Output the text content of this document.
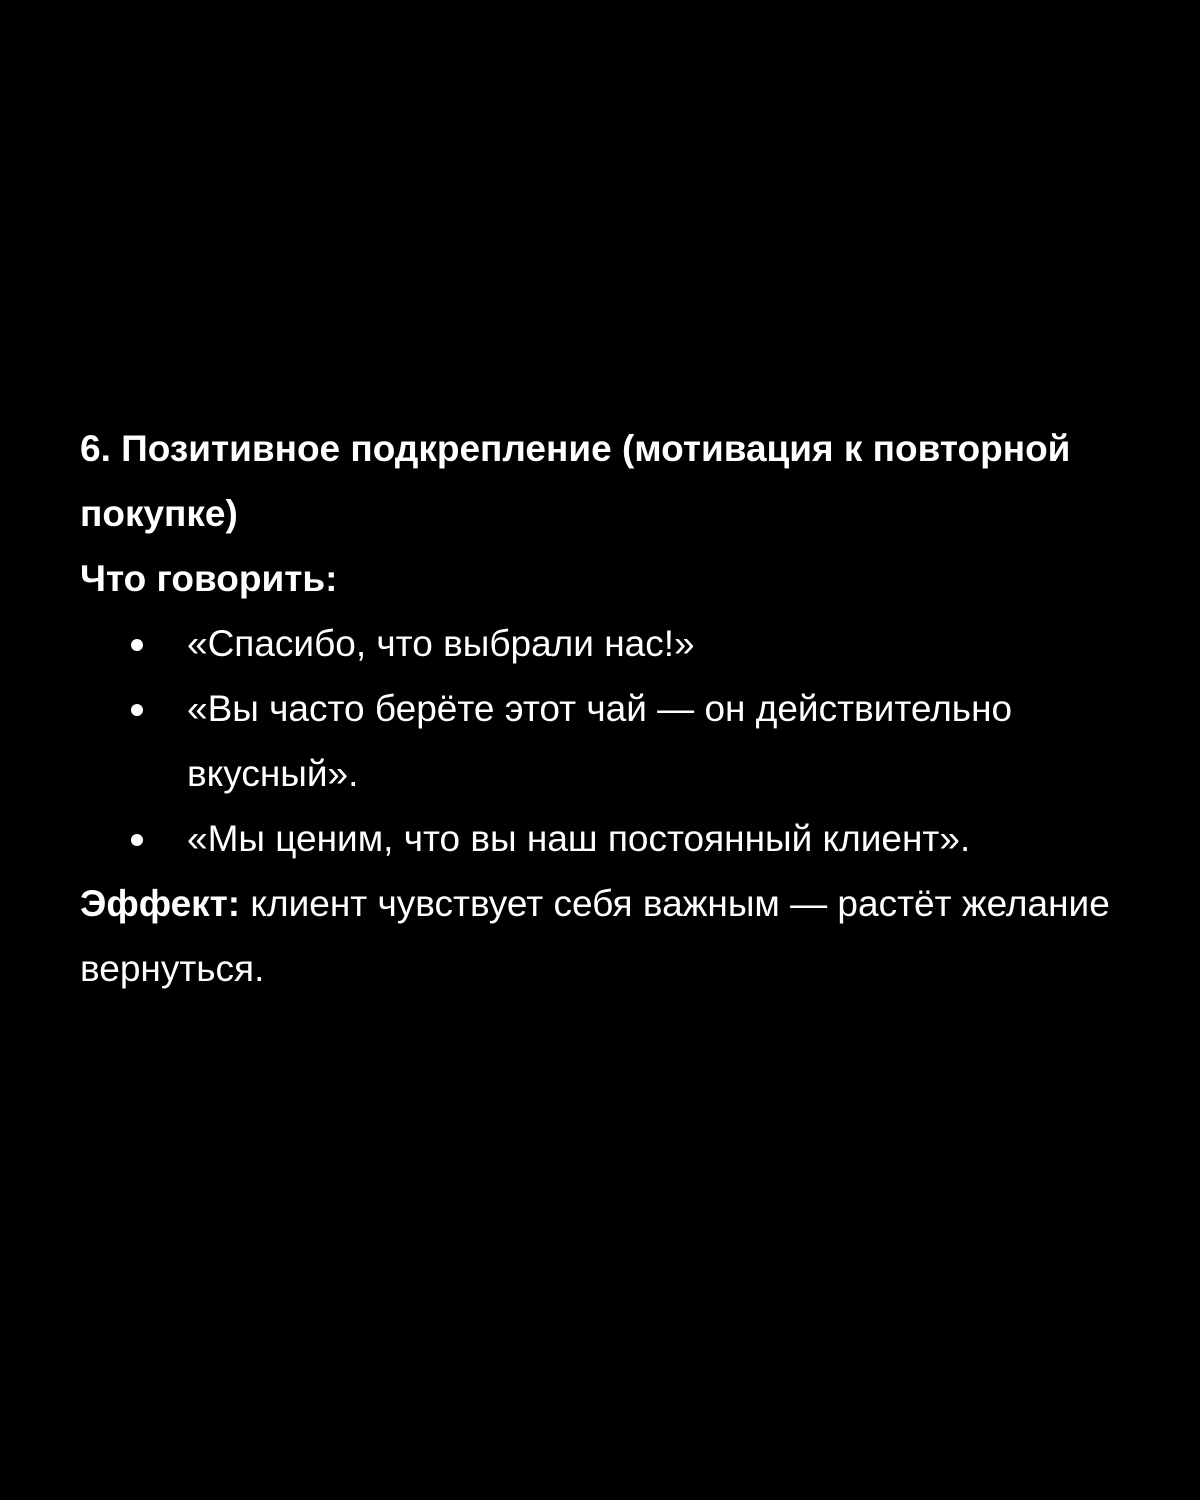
6. Позитивное подкрепление (мотивация к повторной покупке)

Что говорить:

«Спасибо, что выбрали нас!»
«Вы часто берёте этот чай — он действительно вкусный».
«Мы ценим, что вы наш постоянный клиент».

Эффект: клиент чувствует себя важным — растёт желание вернуться.
